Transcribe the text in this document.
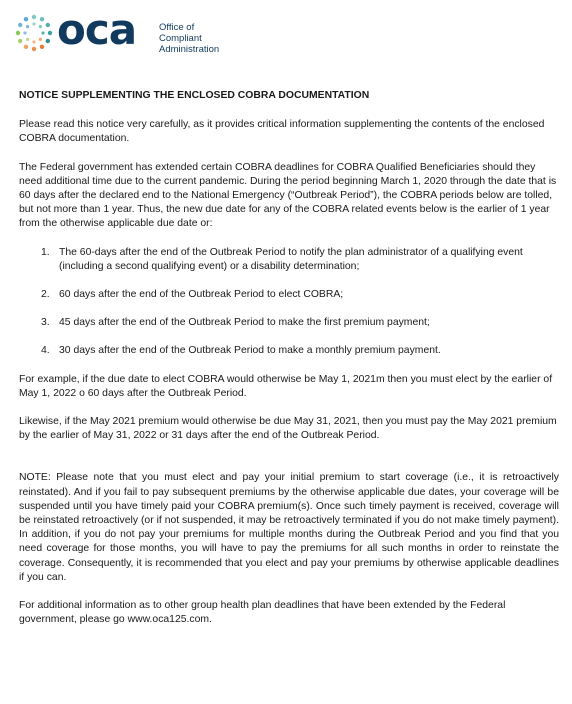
oca Office of
Compliant
Administration
NOTICE SUPPLEMENTING THE ENCLOSED COBRA DOCUMENTATION

Please read this notice very carefully, as it provides critical information supplementing the contents of the enclosed COBRA documentation.

The Federal government has extended certain COBRA deadlines for COBRA Qualified Beneficiaries should they need additional time due to the current pandemic. During the period beginning March 1, 2020 through the date that is 60 days after the declared end to the National Emergency (“Outbreak Period”), the COBRA periods below are tolled, but not more than 1 year. Thus, the new due date for any of the COBRA related events below is the earlier of 1 year from the otherwise applicable due date or:

1. The 60-days after the end of the Outbreak Period to notify the plan administrator of a qualifying event (including a second qualifying event) or a disability determination;
2. 60 days after the end of the Outbreak Period to elect COBRA;
3. 45 days after the end of the Outbreak Period to make the first premium payment;
4. 30 days after the end of the Outbreak Period to make a monthly premium payment.

For example, if the due date to elect COBRA would otherwise be May 1, 2021m then you must elect by the earlier of May 1, 2022 o 60 days after the Outbreak Period.

Likewise, if the May 2021 premium would otherwise be due May 31, 2021, then you must pay the May 2021 premium by the earlier of May 31, 2022 or 31 days after the end of the Outbreak Period.

NOTE: Please note that you must elect and pay your initial premium to start coverage (i.e., it is retroactively reinstated). And if you fail to pay subsequent premiums by the otherwise applicable due dates, your coverage will be suspended until you have timely paid your COBRA premium(s). Once such timely payment is received, coverage will be reinstated retroactively (or if not suspended, it may be retroactively terminated if you do not make timely payment). In addition, if you do not pay your premiums for multiple months during the Outbreak Period and you find that you need coverage for those months, you will have to pay the premiums for all such months in order to reinstate the coverage. Consequently, it is recommended that you elect and pay your premiums by otherwise applicable deadlines if you can.

For additional information as to other group health plan deadlines that have been extended by the Federal government, please go www.oca125.com.
